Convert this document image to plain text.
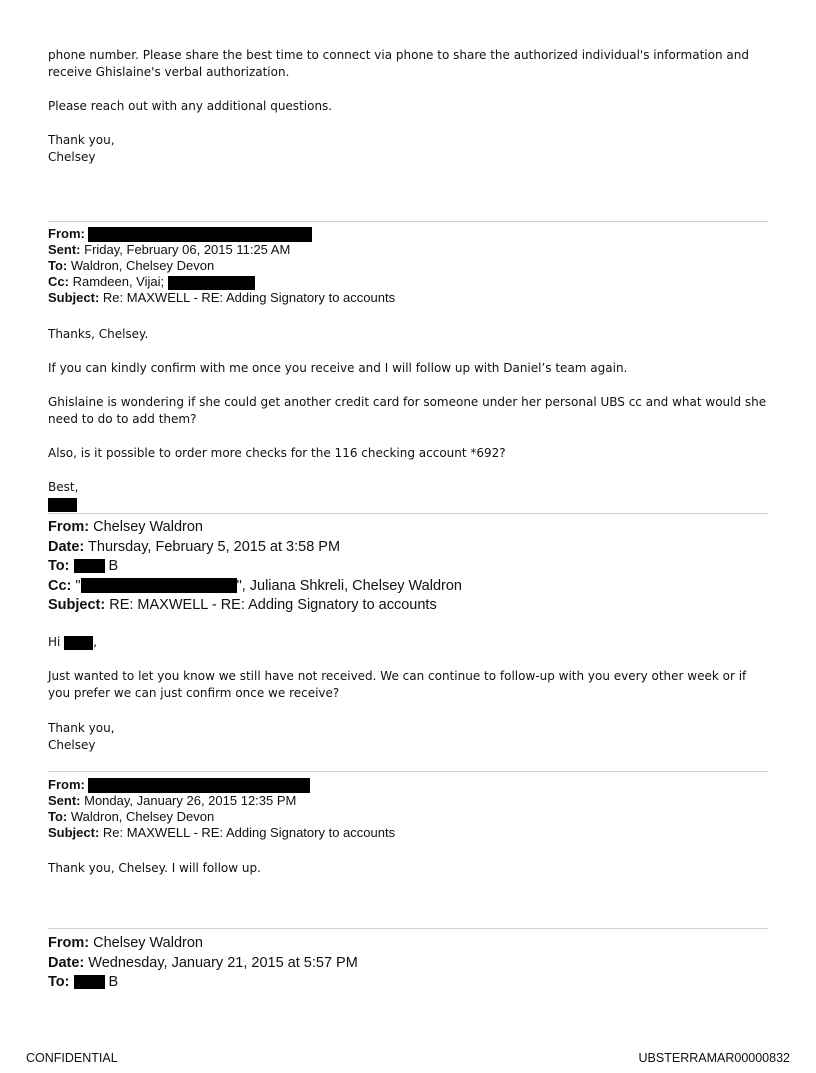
phone number. Please share the best time to connect via phone to share the authorized individual's information and receive Ghislaine's verbal authorization.

Please reach out with any additional questions.

Thank you,
Chelsey
From:
Sent: Friday, February 06, 2015 11:25 AM
To: Waldron, Chelsey Devon
Cc: Ramdeen, Vijai;
Subject: Re: MAXWELL - RE: Adding Signatory to accounts
Thanks, Chelsey.
If you can kindly confirm with me once you receive and I will follow up with Daniel’s team again.
Ghislaine is wondering if she could get another credit card for someone under her personal UBS cc and what would she need to do to add them?
Also, is it possible to order more checks for the 116 checking account *692?
Best,
From: Chelsey Waldron
Date: Thursday, February 5, 2015 at 3:58 PM
To:	B
Cc: "	", Juliana Shkreli, Chelsey Waldron
Subject: RE: MAXWELL - RE: Adding Signatory to accounts
Hi	,
Just wanted to let you know we still have not received. We can continue to follow-up with you every other week or if you prefer we can just confirm once we receive?
Thank you,
Chelsey
From:
Sent: Monday, January 26, 2015 12:35 PM
To: Waldron, Chelsey Devon
Subject: Re: MAXWELL - RE: Adding Signatory to accounts
Thank you, Chelsey. I will follow up.
From: Chelsey Waldron
Date: Wednesday, January 21, 2015 at 5:57 PM
To:	B
CONFIDENTIAL	UBSTERRAMAR00000832
